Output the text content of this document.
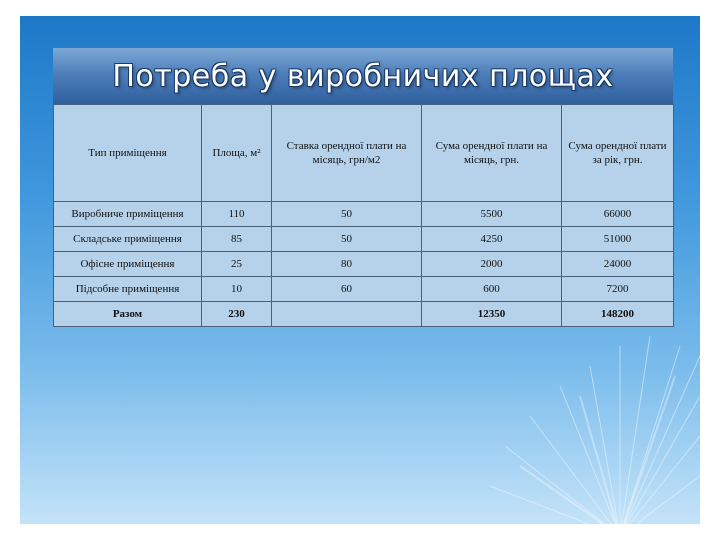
Потреба у виробничих площах
Тип приміщення	Площа, м²	Ставка орендної плати на місяць, грн/м2	Сума орендної плати на місяць, грн.	Сума орендної плати за рік, грн.
Виробниче приміщення	110	50	5500	66000
Складське приміщення	85	50	4250	51000
Офісне приміщення	25	80	2000	24000
Підсобне приміщення	10	60	600	7200
Разом	230		12350	148200
